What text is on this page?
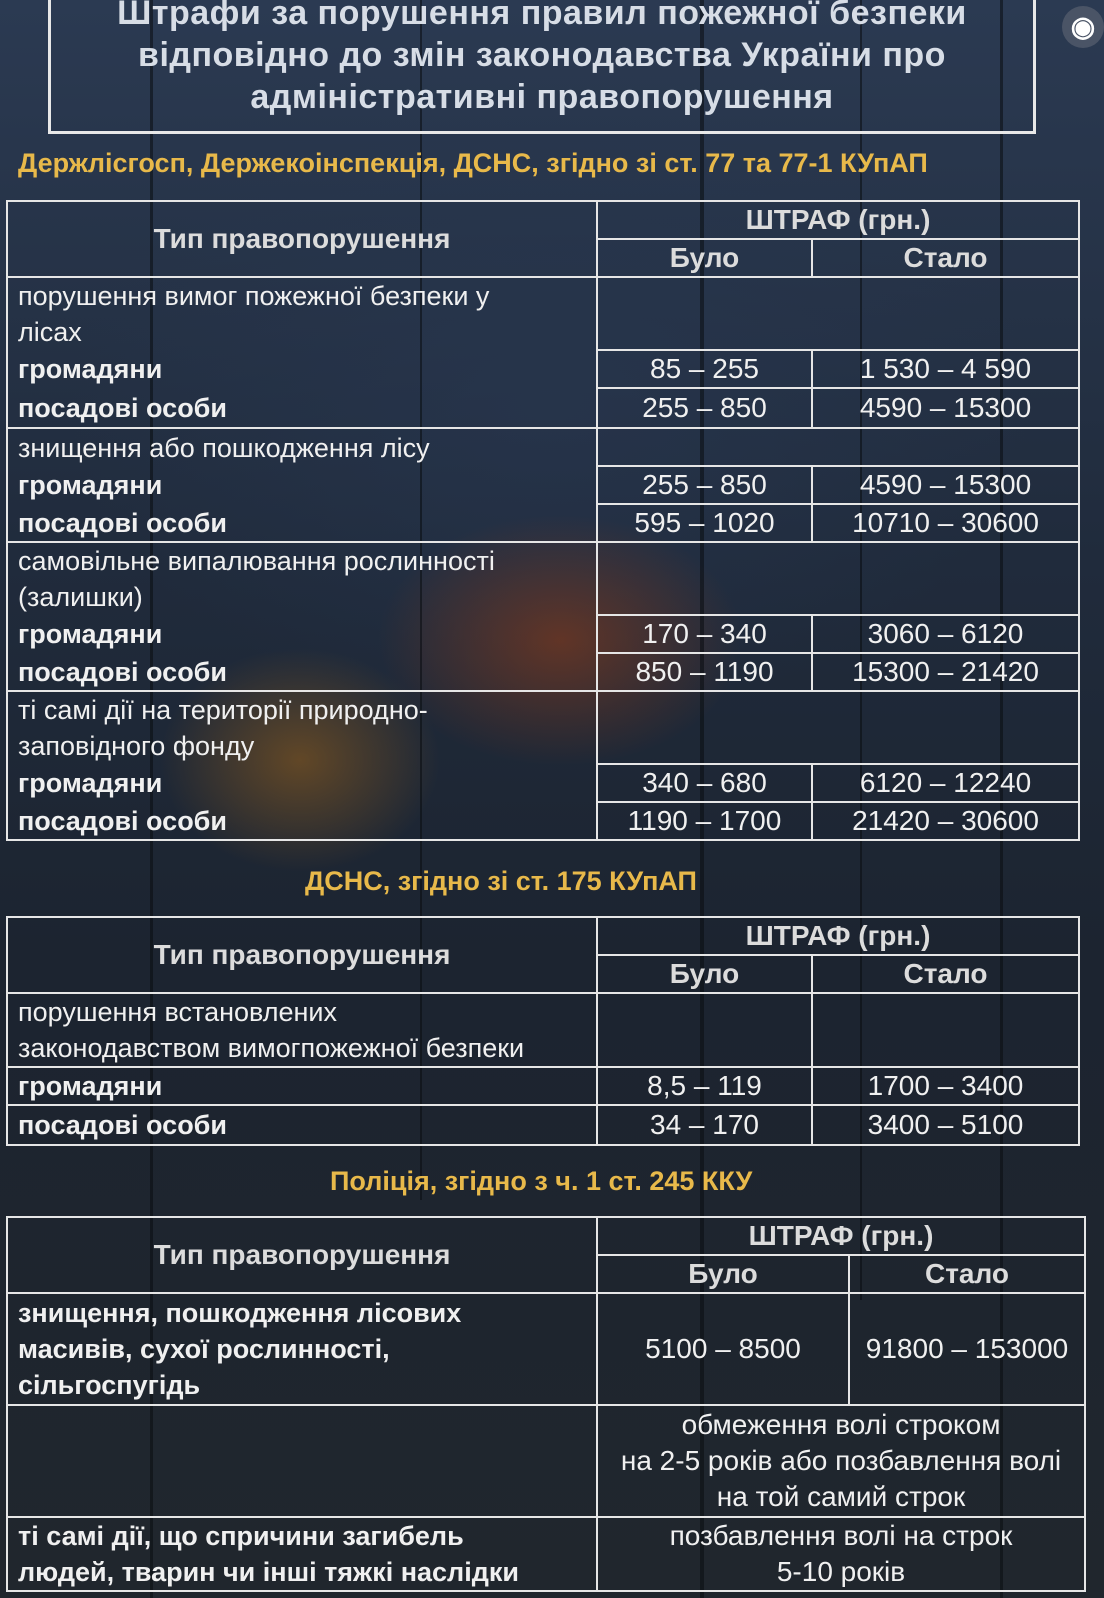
Штрафи за порушення правил пожежної безпеки
відповідно до змін законодавства України про
адміністративні правопорушення
◉
Держлісгосп, Держекоінспекція, ДСНС, згідно зі ст. 77 та 77-1 КУпАП
Тип правопорушення	ШТРАФ (грн.)	
	Було	Стало
порушення вимог пожежної безпеки у
лісах		
громадяни	85 – 255	1 530 – 4 590
посадові особи	255 – 850	4590 – 15300
знищення або пошкодження лісу		
громадяни	255 – 850	4590 – 15300
посадові особи	595 – 1020	10710 – 30600
самовільне випалювання рослинності
(залишки)		
громадяни	170 – 340	3060 – 6120
посадові особи	850 – 1190	15300 – 21420
ті самі дії на території природно-
заповідного фонду		
громадяни	340 – 680	6120 – 12240
посадові особи	1190 – 1700	21420 – 30600
ДСНС, згідно зі ст. 175 КУпАП
Тип правопорушення	ШТРАФ (грн.)	
	Було	Стало
порушення встановлених
законодавством вимогпожежної безпеки		
громадяни	8,5 – 119	1700 – 3400
посадові особи	34 – 170	3400 – 5100
Поліція, згідно з ч. 1 ст. 245 ККУ
Тип правопорушення	ШТРАФ (грн.)	
	Було	Стало
знищення, пошкодження лісових
масивів, сухої рослинності,
сільгоспугідь	5100 – 8500	91800 – 153000
	обмеження волі строком
на 2-5 років або позбавлення волі
на той самий строк	
ті самі дії, що спричини загибель
людей, тварин чи інші тяжкі наслідки	позбавлення волі на строк
5-10 років	
